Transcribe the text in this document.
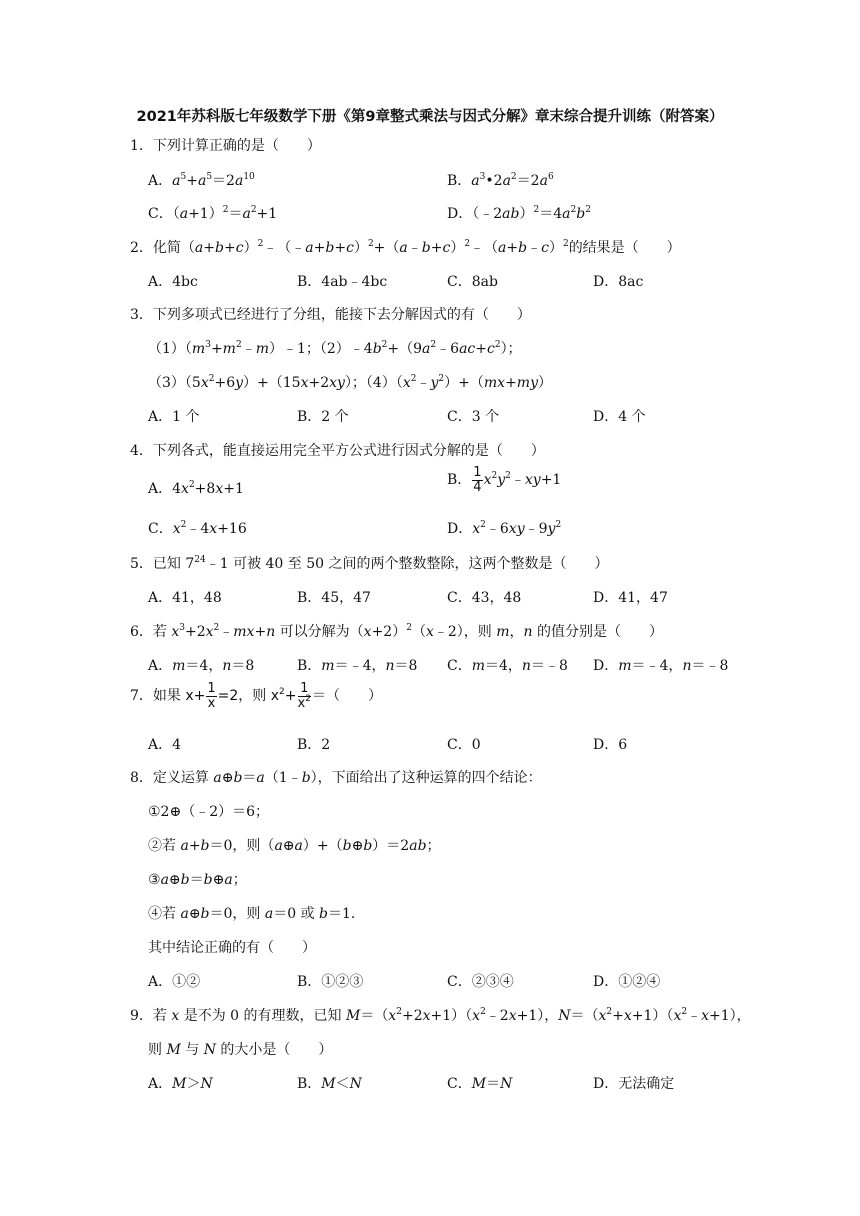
2021年苏科版七年级数学下册《第9章整式乘法与因式分解》章末综合提升训练（附答案）
1．下列计算正确的是（　　）
A．$a^5+a^5=2a^{10}$	B．$a^3•2a^2=2a^6$
C．$(a+1)^2=a^2+1$	D．$(﹣2ab)^2=4a^2b^2$
2．化简$(a+b+c)^2﹣(﹣a+b+c)^2+(a﹣b+c)^2﹣(a+b﹣c)^2$的结果是（　　）
A．4bc	B．4ab﹣4bc	C．8ab	D．8ac
3．下列多项式已经进行了分组，能接下去分解因式的有（　　）
$(1)(m^3+m^2﹣m)﹣1$；$(2)﹣4b^2+(9a^2﹣6ac+c^2)$；
$(3)(5x^2+6y)+(15x+2xy)$；$(4)(x^2﹣y^2)+(mx+my)$
A．1 个	B．2 个	C．3 个	D．4 个
4．下列各式，能直接运用完全平方公式进行因式分解的是（　　）
A．$4x^2+8x+1$
B． $\frac{1}{4}$ $x^2y^2﹣xy+1$
C．$x^2﹣4x+16$	D．$x^2﹣6xy﹣9y^2$
5．已知 $7^{24}﹣1$ 可被 40 至 50 之间的两个整数整除，这两个整数是（　　）
A．41，48	B．45，47	C．43，48	D．41，47
6．若 $x^3+2x^2﹣mx+n$ 可以分解为$(x+2)^2(x﹣2)$，则 m，n 的值分别是（　　）
A．m＝4，n＝8	B．m＝﹣4，n＝8 C．m＝4，n＝﹣8 D．m＝﹣4，n＝﹣8
7．如果 $x+ \frac{1}{x} =2$，则 $x^2+ \frac{1}{x^2}$ ＝（　　）
A．4	B．2	C．0	D．6
8．定义运算 a⊕b＝a（1﹣b），下面给出了这种运算的四个结论：
①2⊕（﹣2）＝6；
②若 a+b＝0，则（a⊕a）+（b⊕b）＝2ab；
③a⊕b＝b⊕a；
④若 a⊕b＝0，则 a＝0 或 b＝1．
其中结论正确的有（　　）
A．①②	B．①②③	C．②③④	D．①②④
9．若 x 是不为 0 的有理数，已知 $M=(x^2+2x+1)(x^2﹣2x+1)$，$N=(x^2+x+1)(x^2﹣x+1)$，
则 M 与 N 的大小是（　　）
A．M＞N	B．M＜N	C．M＝N	D．无法确定
